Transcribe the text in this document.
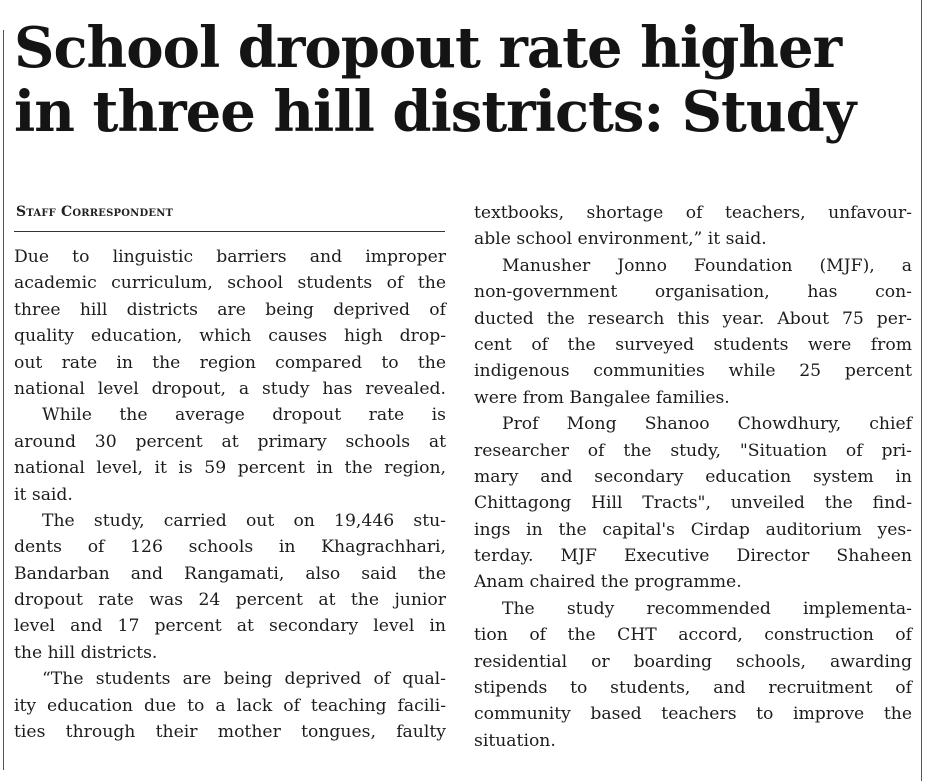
School dropout rate higher
in three hill districts: Study
Staff Correspondent
Due to linguistic barriers and improper
academic curriculum, school students of the
three hill districts are being deprived of
quality education, which causes high drop-
out rate in the region compared to the
national level dropout, a study has revealed.
While the average dropout rate is
around 30 percent at primary schools at
national level, it is 59 percent in the region,
it said.
The study, carried out on 19,446 stu-
dents of 126 schools in Khagrachhari,
Bandarban and Rangamati, also said the
dropout rate was 24 percent at the junior
level and 17 percent at secondary level in
the hill districts.
“The students are being deprived of qual-
ity education due to a lack of teaching facili-
ties through their mother tongues, faulty
textbooks, shortage of teachers, unfavour-
able school environment,” it said.
Manusher Jonno Foundation (MJF), a
non-government organisation, has con-
ducted the research this year. About 75 per-
cent of the surveyed students were from
indigenous communities while 25 percent
were from Bangalee families.
Prof Mong Shanoo Chowdhury, chief
researcher of the study, "Situation of pri-
mary and secondary education system in
Chittagong Hill Tracts", unveiled the find-
ings in the capital's Cirdap auditorium yes-
terday. MJF Executive Director Shaheen
Anam chaired the programme.
The study recommended implementa-
tion of the CHT accord, construction of
residential or boarding schools, awarding
stipends to students, and recruitment of
community based teachers to improve the
situation.
